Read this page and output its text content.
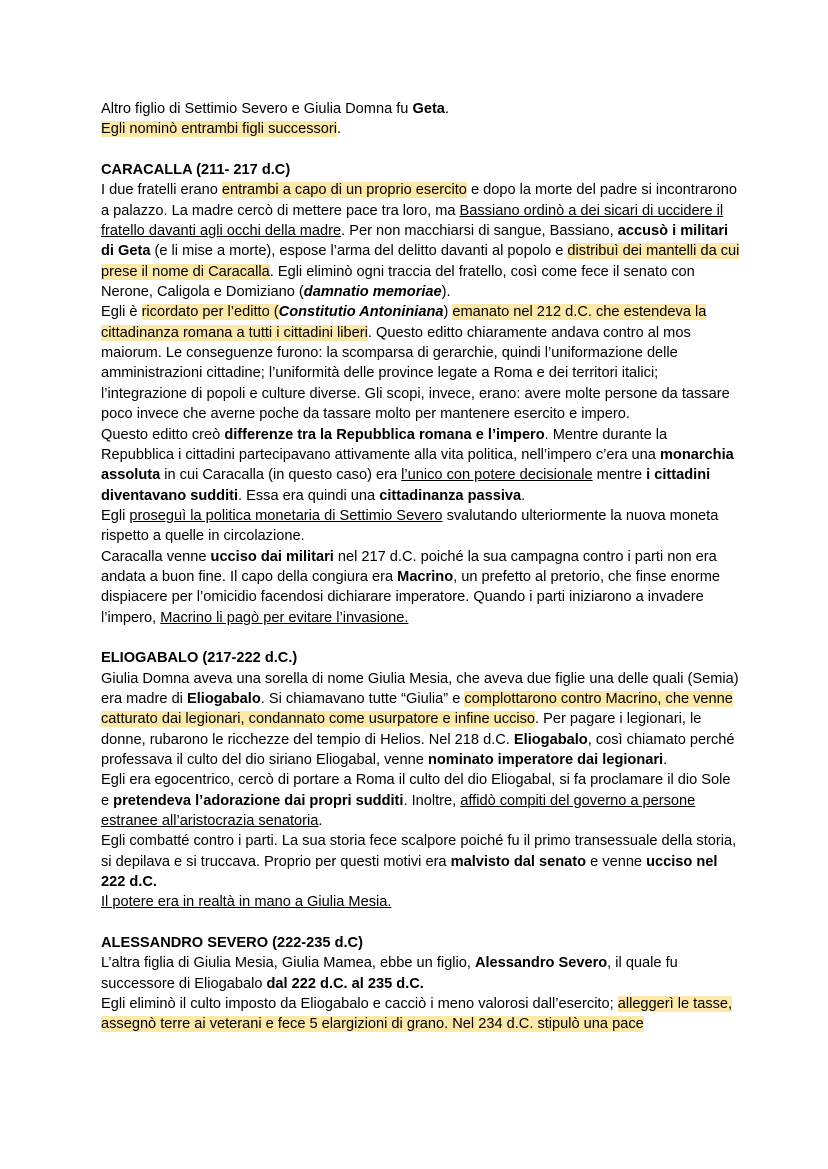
Altro figlio di Settimio Severo e Giulia Domna fu Geta.

Egli nominò entrambi figli successori.

CARACALLA (211- 217 d.C)

I due fratelli erano entrambi a capo di un proprio esercito e dopo la morte del padre si incontrarono a palazzo. La madre cercò di mettere pace tra loro, ma Bassiano ordinò a dei sicari di uccidere il fratello davanti agli occhi della madre. Per non macchiarsi di sangue, Bassiano, accusò i militari di Geta (e li mise a morte), espose l’arma del delitto davanti al popolo e distribuì dei mantelli da cui prese il nome di Caracalla. Egli eliminò ogni traccia del fratello, così come fece il senato con Nerone, Caligola e Domiziano (damnatio memoriae).
Egli è ricordato per l’editto (Constitutio Antoniniana) emanato nel 212 d.C. che estendeva la cittadinanza romana a tutti i cittadini liberi. Questo editto chiaramente andava contro al mos maiorum. Le conseguenze furono: la scomparsa di gerarchie, quindi l’uniformazione delle amministrazioni cittadine; l’uniformità delle province legate a Roma e dei territori italici; l’integrazione di popoli e culture diverse. Gli scopi, invece, erano: avere molte persone da tassare poco invece che averne poche da tassare molto per mantenere esercito e impero.
Questo editto creò differenze tra la Repubblica romana e l’impero. Mentre durante la Repubblica i cittadini partecipavano attivamente alla vita politica, nell’impero c’era una monarchia assoluta in cui Caracalla (in questo caso) era l’unico con potere decisionale mentre i cittadini diventavano sudditi. Essa era quindi una cittadinanza passiva.
Egli proseguì la politica monetaria di Settimio Severo svalutando ulteriormente la nuova moneta rispetto a quelle in circolazione.
Caracalla venne ucciso dai militari nel 217 d.C. poiché la sua campagna contro i parti non era andata a buon fine. Il capo della congiura era Macrino, un prefetto al pretorio, che finse enorme dispiacere per l’omicidio facendosi dichiarare imperatore. Quando i parti iniziarono a invadere l’impero, Macrino li pagò per evitare l’invasione.

ELIOGABALO (217-222 d.C.)

Giulia Domna aveva una sorella di nome Giulia Mesia, che aveva due figlie una delle quali (Semia) era madre di Eliogabalo. Si chiamavano tutte “Giulia” e complottarono contro Macrino, che venne catturato dai legionari, condannato come usurpatore e infine ucciso. Per pagare i legionari, le donne, rubarono le ricchezze del tempio di Helios. Nel 218 d.C. Eliogabalo, così chiamato perché professava il culto del dio siriano Eliogabal, venne nominato imperatore dai legionari.
Egli era egocentrico, cercò di portare a Roma il culto del dio Eliogabal, si fa proclamare il dio Sole e pretendeva l’adorazione dai propri sudditi. Inoltre, affidò compiti del governo a persone estranee all’aristocrazia senatoria.
Egli combatté contro i parti. La sua storia fece scalpore poiché fu il primo transessuale della storia, si depilava e si truccava. Proprio per questi motivi era malvisto dal senato e venne ucciso nel 222 d.C.
Il potere era in realtà in mano a Giulia Mesia.

ALESSANDRO SEVERO (222-235 d.C)

L’altra figlia di Giulia Mesia, Giulia Mamea, ebbe un figlio, Alessandro Severo, il quale fu successore di Eliogabalo dal 222 d.C. al 235 d.C.
Egli eliminò il culto imposto da Eliogabalo e cacciò i meno valorosi dall’esercito; alleggerì le tasse, assegnò terre ai veterani e fece 5 elargizioni di grano. Nel 234 d.C. stipulò una pace
